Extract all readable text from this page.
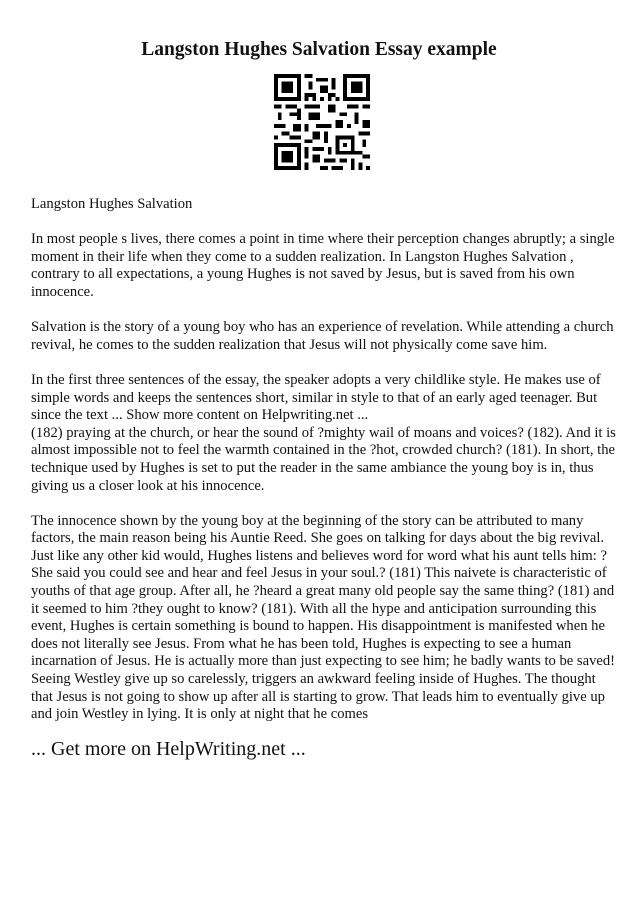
Langston Hughes Salvation Essay example

Langston Hughes Salvation

In most people s lives, there comes a point in time where their perception changes abruptly; a single moment in their life when they come to a sudden realization. In Langston Hughes Salvation , contrary to all expectations, a young Hughes is not saved by Jesus, but is saved from his own innocence.

Salvation is the story of a young boy who has an experience of revelation. While attending a church revival, he comes to the sudden realization that Jesus will not physically come save him.

In the first three sentences of the essay, the speaker adopts a very childlike style. He makes use of simple words and keeps the sentences short, similar in style to that of an early aged teenager. But since the text ... Show more content on Helpwriting.net ...

(182) praying at the church, or hear the sound of ?mighty wail of moans and voices? (182). And it is almost impossible not to feel the warmth contained in the ?hot, crowded church? (181). In short, the technique used by Hughes is set to put the reader in the same ambiance the young boy is in, thus giving us a closer look at his innocence.

The innocence shown by the young boy at the beginning of the story can be attributed to many factors, the main reason being his Auntie Reed. She goes on talking for days about the big revival. Just like any other kid would, Hughes listens and believes word for word what his aunt tells him: ?She said you could see and hear and feel Jesus in your soul.? (181) This naivete is characteristic of youths of that age group. After all, he ?heard a great many old people say the same thing? (181) and it seemed to him ?they ought to know? (181). With all the hype and anticipation surrounding this event, Hughes is certain something is bound to happen. His disappointment is manifested when he does not literally see Jesus. From what he has been told, Hughes is expecting to see a human incarnation of Jesus. He is actually more than just expecting to see him; he badly wants to be saved! Seeing Westley give up so carelessly, triggers an awkward feeling inside of Hughes. The thought that Jesus is not going to show up after all is starting to grow. That leads him to eventually give up and join Westley in lying. It is only at night that he comes

... Get more on HelpWriting.net ...
